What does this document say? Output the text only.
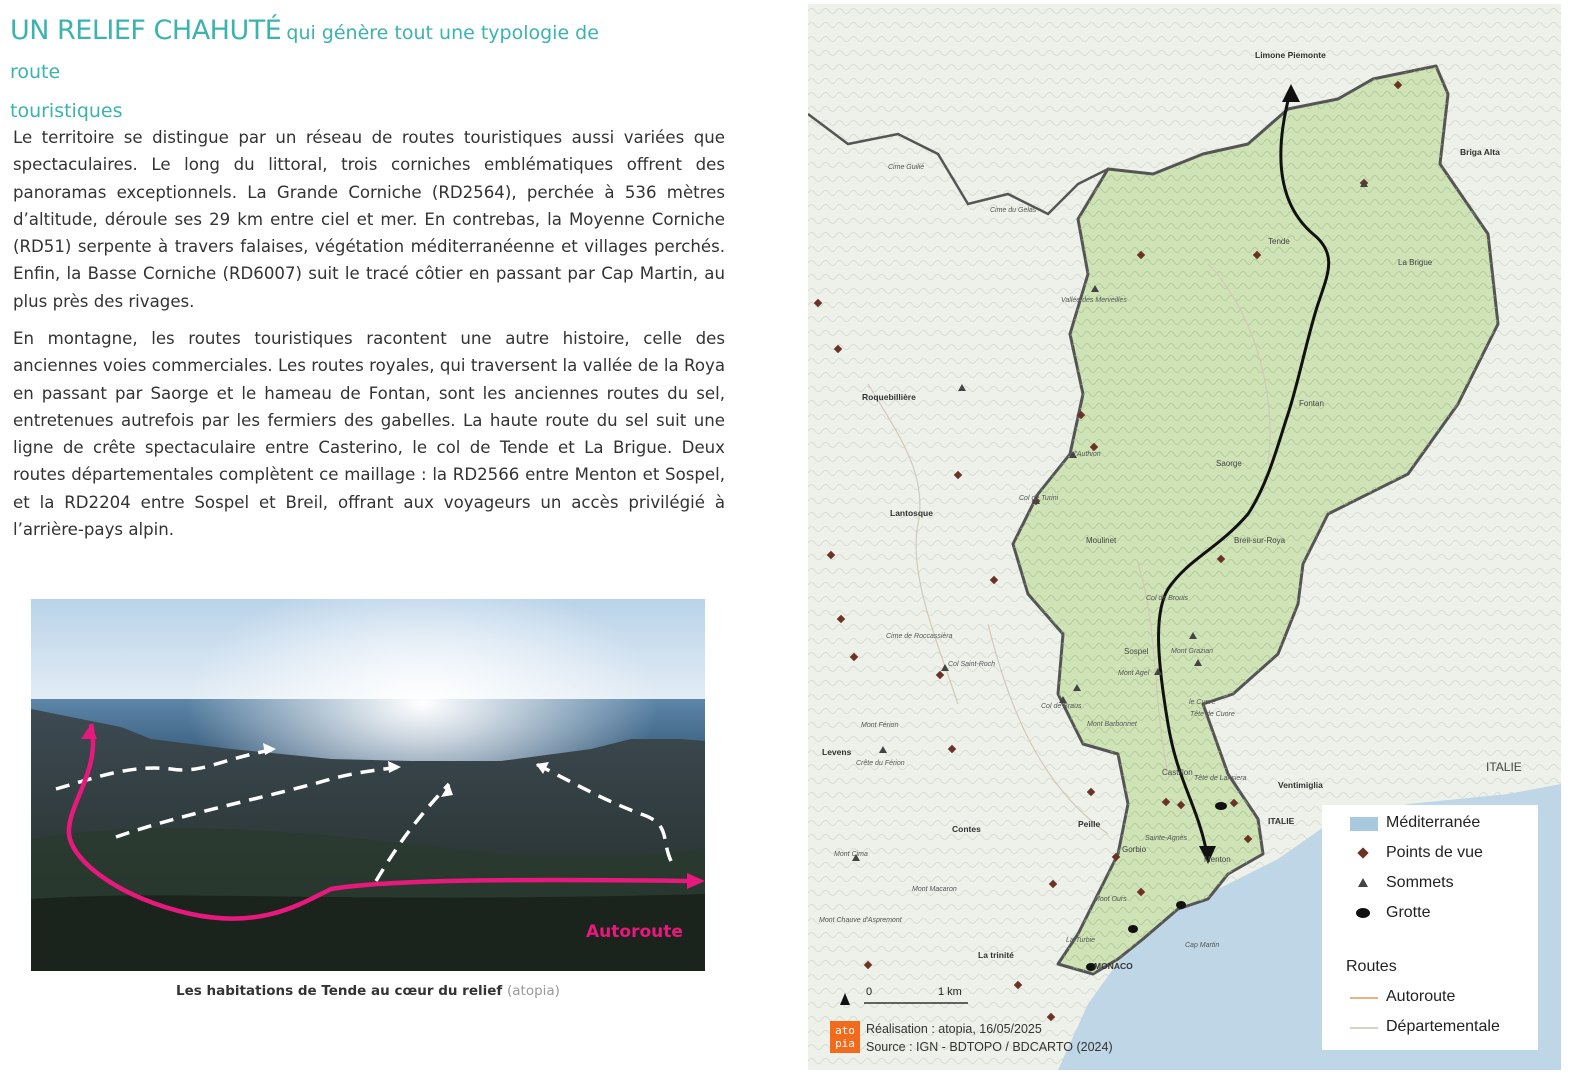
UN RELIEF CHAHUTÉ qui génère tout une typologie de route
touristiques

Le territoire se distingue par un réseau de routes touristiques aussi variées que spectaculaires. Le long du littoral, trois corniches emblématiques offrent des panoramas exceptionnels. La Grande Corniche (RD2564), perchée à 536 mètres d’altitude, déroule ses 29 km entre ciel et mer. En contrebas, la Moyenne Corniche (RD51) serpente à travers falaises, végétation méditerranéenne et villages perchés. Enfin, la Basse Corniche (RD6007) suit le tracé côtier en passant par Cap Martin, au plus près des rivages.

En montagne, les routes touristiques racontent une autre histoire, celle des anciennes voies commerciales. Les routes royales, qui traversent la vallée de la Roya en passant par Saorge et le hameau de Fontan, sont les anciennes routes du sel, entretenues autrefois par les fermiers des gabelles. La haute route du sel suit une ligne de crête spectaculaire entre Casterino, le col de Tende et La Brigue. Deux routes départementales complètent ce maillage : la RD2566 entre Menton et Sospel, et la RD2204 entre Sospel et Breil, offrant aux voyageurs un accès privilégié à l’arrière-pays alpin.

Autoroute
Les habitations de Tende au cœur du relief (atopia)
Limone Piemonte
Briga Alta
Roquebillière
Lantosque
Levens
Contes	Peille
Ventimiglia
La trinité
MONACO
ITALIE
Tende
La Brigue
Fontan
Saorge
Breil-sur-Roya
Moulinet
Sospel
Castillon
Gorbio
Menton
Cap Martin
l'Authion
Vallée des Merveilles
Col de Brouis
Col de Turini
Mont Grazian
Mont Agel
Mont Barbonnet
Sainte-Agnès
Cime du Gelas
Cime Guilié
Cime de Roccassièra
Col Saint-Roch
Mont Férion
Crête du Férion
Mont Cima
Mont Macaron
Mont Chauve d'Aspremont
La Turbie
Col de Braus
Mont Ours
Tête de Cuore
le Cuore
Tête de Lansiera
ITALIE
0	1 km
ato
pia
Réalisation : atopia, 16/05/2025
Source : IGN - BDTOPO / BDCARTO (2024)
Méditerranée
Points de vue
Sommets
Grotte
Routes
Autoroute
Départementale
